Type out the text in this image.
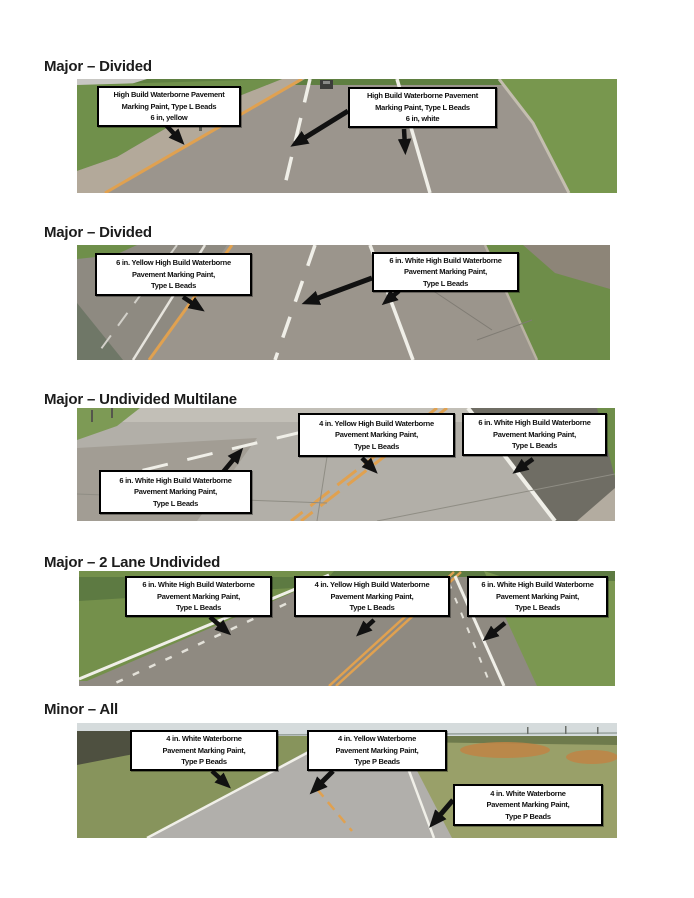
Major – Divided
High Build Waterborne Pavement
Marking Paint, Type L Beads
6 in, yellow
High Build Waterborne Pavement
Marking Paint, Type L Beads
6 in, white
Major – Divided
6 in. Yellow High Build Waterborne
Pavement Marking Paint,
Type L Beads
6 in. White High Build Waterborne
Pavement Marking Paint,
Type L Beads
Major – Undivided Multilane
6 in. White High Build Waterborne
Pavement Marking Paint,
Type L Beads
4 in. Yellow High Build Waterborne
Pavement Marking Paint,
Type L Beads
6 in. White High Build Waterborne
Pavement Marking Paint,
Type L Beads
Major – 2 Lane Undivided
6 in. White High Build Waterborne
Pavement Marking Paint,
Type L Beads
4 in. Yellow High Build Waterborne
Pavement Marking Paint,
Type L Beads
6 in. White High Build Waterborne
Pavement Marking Paint,
Type L Beads
Minor – All
4 in. White Waterborne
Pavement Marking Paint,
Type P Beads
4 in. Yellow Waterborne
Pavement Marking Paint,
Type P Beads
4 in. White Waterborne
Pavement Marking Paint,
Type P Beads
